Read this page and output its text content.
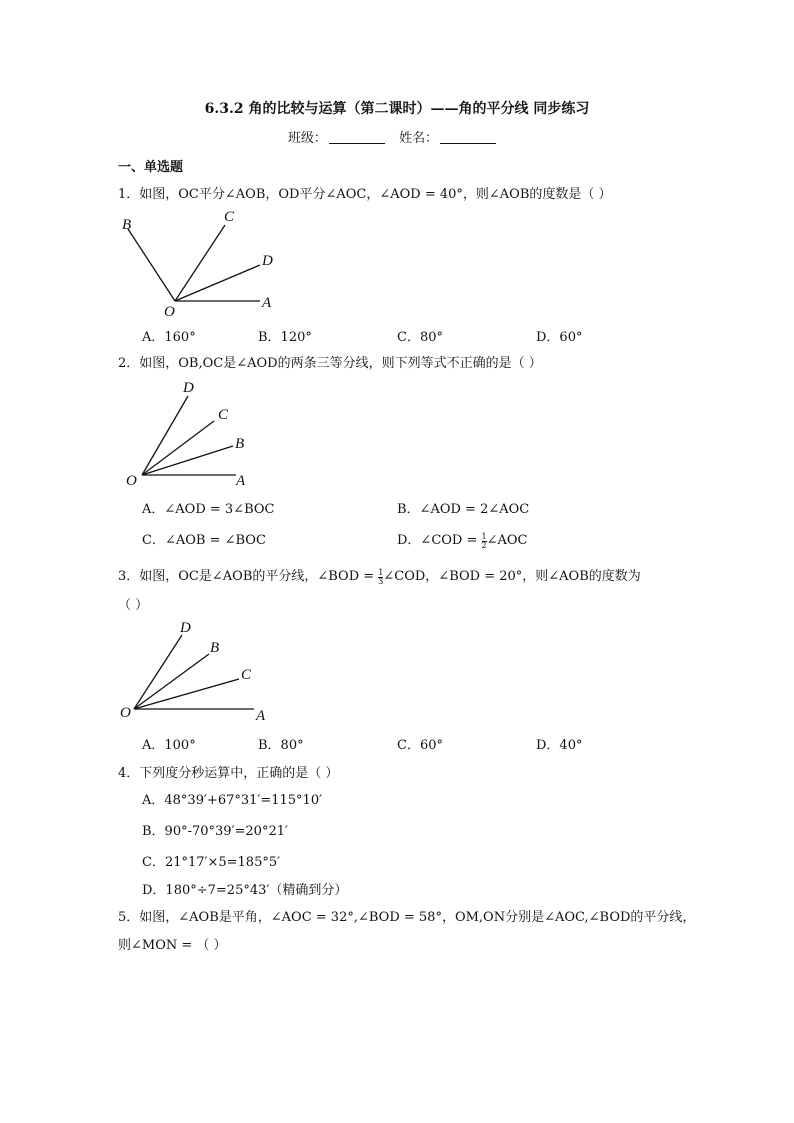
6.3.2 角的比较与运算（第二课时）——角的平分线 同步练习
班级：	姓名：
一、单选题
1．如图，OC平分∠AOB，OD平分∠AOC，∠AOD = 40°，则∠AOB的度数是（ ）
B	C
D
O
A
A．160°	B．120°	C．80°	D．60°
2．如图，OB,OC是∠AOD的两条三等分线，则下列等式不正确的是（ ）
D
C
B
O	A
A．∠AOD = 3∠BOC	B．∠AOD = 2∠AOC
C．∠AOB = ∠BOC	D．∠COD = $\frac{1}{2}$ ∠AOC
3．如图，OC是∠AOB的平分线，∠BOD = $\frac{1}{3}$ ∠COD，∠BOD = 20°，则∠AOB的度数为
（ ）
D
B
C
O	A
A．100°	B．80°	C．60°	D．40°
4．下列度分秒运算中，正确的是（ ）
A．48°39′+67°31′=115°10′
B．90°-70°39′=20°21′
C．21°17′×5=185°5′
D．180°÷7=25°43′（精确到分）
5．如图，∠AOB是平角，∠AOC = 32°,∠BOD = 58°，OM,ON分别是∠AOC,∠BOD的平分线，
则∠MON = （ ）
